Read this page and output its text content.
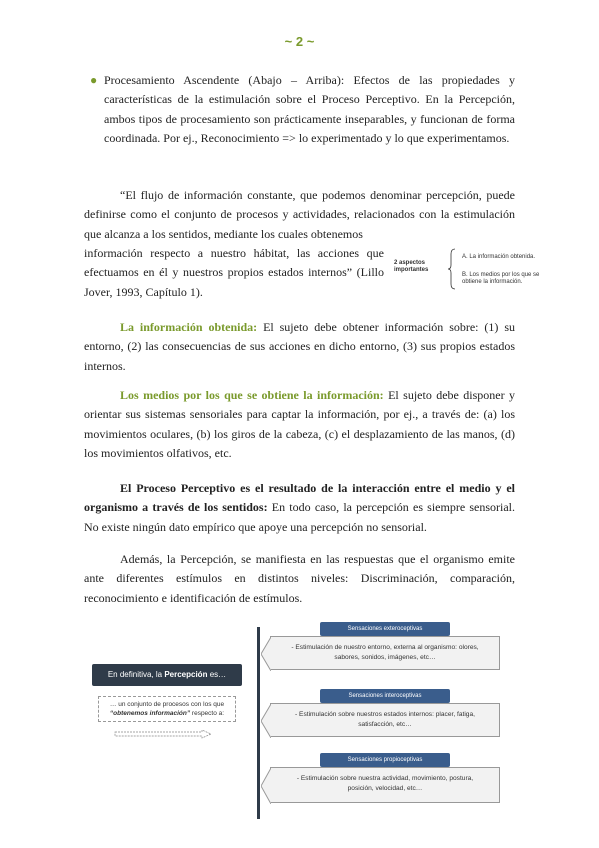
~ 2 ~
● Procesamiento Ascendente (Abajo – Arriba): Efectos de las propiedades y características de la estimulación sobre el Proceso Perceptivo. En la Percepción, ambos tipos de procesamiento son prácticamente inseparables, y funcionan de forma coordinada. Por ej., Reconocimiento => lo experimentado y lo que experimentamos.

“El flujo de información constante, que podemos denominar percepción, puede definirse como el conjunto de procesos y actividades, relacionados con la estimulación que alcanza a los sentidos, mediante los cuales obtenemos

información respecto a nuestro hábitat, las acciones que efectuamos en él y nuestros propios estados internos” (Lillo Jover, 1993, Capítulo 1).

2 aspectos importantes
A. La información obtenida.
B. Los medios por los que se obtiene la información.

La información obtenida: El sujeto debe obtener información sobre: (1) su entorno, (2) las consecuencias de sus acciones en dicho entorno, (3) sus propios estados internos.

Los medios por los que se obtiene la información: El sujeto debe disponer y orientar sus sistemas sensoriales para captar la información, por ej., a través de: (a) los movimientos oculares, (b) los giros de la cabeza, (c) el desplazamiento de las manos, (d) los movimientos olfativos, etc.

El Proceso Perceptivo es el resultado de la interacción entre el medio y el organismo a través de los sentidos: En todo caso, la percepción es siempre sensorial. No existe ningún dato empírico que apoye una percepción no sensorial.

Además, la Percepción, se manifiesta en las respuestas que el organismo emite ante diferentes estímulos en distintos niveles: Discriminación, comparación, reconocimiento e identificación de estímulos.

En definitiva, la Percepción es…
… un conjunto de procesos con los que
“obtenemos información” respecto a:
Sensaciones exteroceptivas
- Estimulación de nuestro entorno, externa al organismo: olores, sabores, sonidos, imágenes, etc…
Sensaciones interoceptivas
- Estimulación sobre nuestros estados internos: placer, fatiga, satisfacción, etc…
Sensaciones propioceptivas
- Estimulación sobre nuestra actividad, movimiento, postura, posición, velocidad, etc…
